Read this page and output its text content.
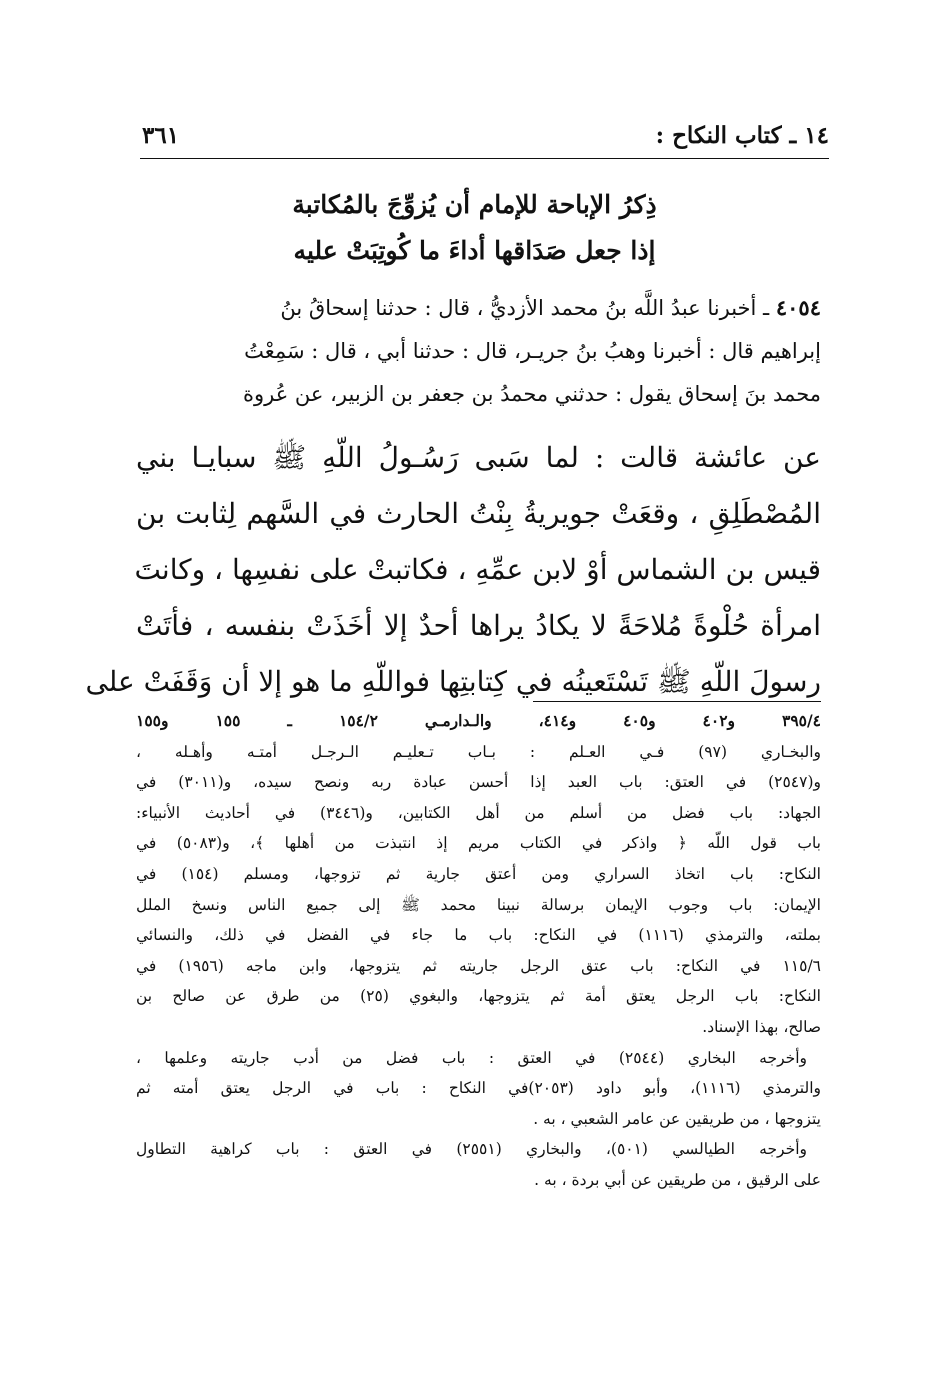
١٤ ـ كتاب النكاح :
٣٦١
ذِكرُ الإباحة للإمام أن يُزوِّجَ بالمُكاتبة
إذا جعل صَدَاقها أداءَ ما كُوتِبَتْ عليه
٤٠٥٤ ـ أخبرنا عبدُ اللَّه بنُ محمد الأزديُّ ، قال : حدثنا إسحاقُ بنُ
إبراهيم قال : أخبرنا وهبُ بنُ جريـر، قال : حدثنا أبي ، قال : سَمِعْتُ
محمد بنَ إسحاق يقول : حدثني محمدُ بن جعفر بن الزبير، عن عُروة
عن عائشة قالت : لما سَبى رَسُـولُ اللّهِ ﷺ سبايـا بني
المُصْطَلِقِ ، وقعَتْ جويريةُ بِنْتُ الحارث في السَّهم لِثابت بن
قيس بن الشماس أوْ لابن عمِّهِ ، فكاتبتْ على نفسِها ، وكانتَ
امرأة حُلْوةً مُلاحَةً لا يكادُ يراها أحدٌ إلا أخَذَتْ بنفسه ، فأتَتْ
رسولَ اللّهِ ﷺ تَسْتَعينُه في كِتابتِها فواللّهِ ما هو إلا أن وَقَفَتْ على
٣٩٥/٤ و٤٠٢ و٤٠٥ و٤١٤، والـدارمـي ١٥٤/٢ ـ ١٥٥ و١٥٥
والبخـاري (٩٧) فـي العـلم : بـاب تـعليـم الـرجـل أمتـه وأهـله ،
و(٢٥٤٧) في العتق: باب العبد إذا أحسن عبادة ربه ونصح سيده، و(٣٠١١) في
الجهاد: باب فضل من أسلم من أهل الكتابين، و(٣٤٤٦) في أحاديث الأنبياء:
باب قول اللّه ﴿ واذكر في الكتاب مريم إذ انتبذت من أهلها ﴾، و(٥٠٨٣) في
النكاح: باب اتخاذ السراري ومن أعتق جارية ثم تزوجها، ومسلم (١٥٤) في
الإيمان: باب وجوب الإيمان برسالة نبينا محمد ﷺ إلى جميع الناس ونسخ الملل
بملته، والترمذي (١١١٦) في النكاح: باب ما جاء في الفضل في ذلك، والنسائي
١١٥/٦ في النكاح: باب عتق الرجل جاريته ثم يتزوجها، وابن ماجه (١٩٥٦) في
النكاح: باب الرجل يعتق أمة ثم يتزوجها، والبغوي (٢٥) من طرق عن صالح بن
صالح، بهذا الإسناد.
وأخرجه البخاري (٢٥٤٤) في العتق : باب فضل من أدب جاريته وعلمها ،
والترمذي (١١١٦)، وأبو داود (٢٠٥٣)في النكاح : باب في الرجل يعتق أمته ثم
يتزوجها ، من طريقين عن عامر الشعبي ، به .
وأخرجه الطيالسي (٥٠١)، والبخاري (٢٥٥١) في العتق : باب كراهية التطاول
على الرقيق ، من طريقين عن أبي بردة ، به .
